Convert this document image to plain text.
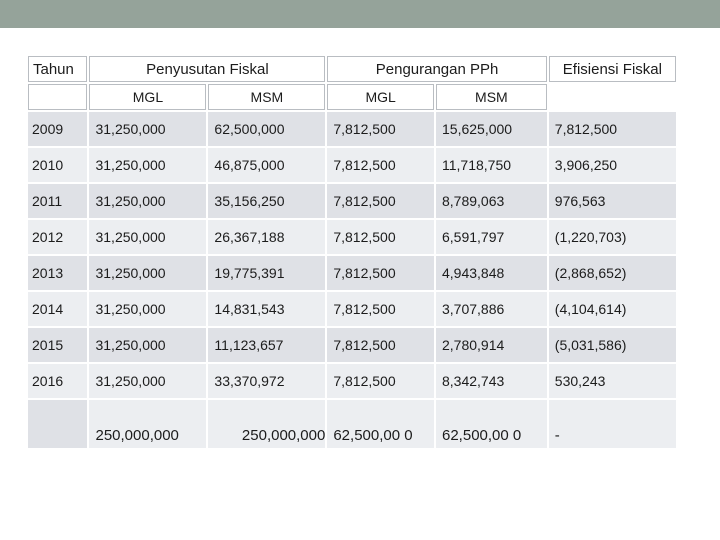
Tahun	Penyusutan Fiskal		Pengurangan PPh		Efisiensi Fiskal
	MGL	MSM	MGL	MSM	
2009	31,250,000	62,500,000	7,812,500	15,625,000	7,812,500
2010	31,250,000	46,875,000	7,812,500	11,718,750	3,906,250
2011	31,250,000	35,156,250	7,812,500	8,789,063	976,563
2012	31,250,000	26,367,188	7,812,500	6,591,797	(1,220,703)
2013	31,250,000	19,775,391	7,812,500	4,943,848	(2,868,652)
2014	31,250,000	14,831,543	7,812,500	3,707,886	(4,104,614)
2015	31,250,000	11,123,657	7,812,500	2,780,914	(5,031,586)
2016	31,250,000	33,370,972	7,812,500	8,342,743	530,243
	250,000,000	250,000,000	62,500,00 0	62,500,00 0	-
